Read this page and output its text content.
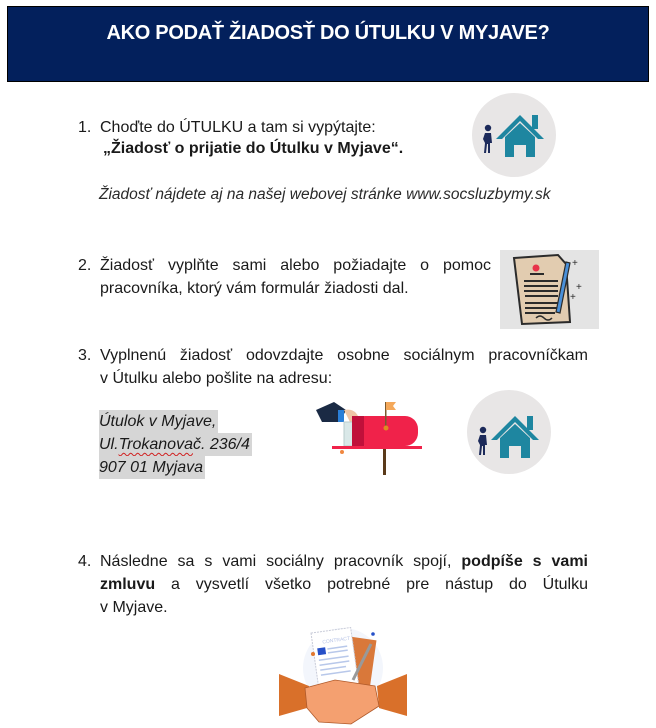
AKO PODAŤ ŽIADOSŤ DO ÚTULKU V MYJAVE?
1. Choďte do ÚTULKU a tam si vypýtajte:
„Žiadosť o prijatie do Útulku v Myjave“.
Žiadosť nájdete aj na našej webovej stránke www.socsluzbymy.sk
2. Žiadosť vyplňte sami alebo požiadajte o pomoc
pracovníka, ktorý vám formulár žiadosti dal.
+
+
+
3. Vyplnenú žiadosť odovzdajte osobne sociálnym pracovníčkam
v Útulku alebo pošlite na adresu:
Útulok v Myjave,
Ul.Trokanovač. 236/4
907 01 Myjava
4. Následne sa s vami sociálny pracovník spojí, podpíše s vami
zmluvu a vysvetlí všetko potrebné pre nástup do Útulku
v Myjave.
CONTRACT
